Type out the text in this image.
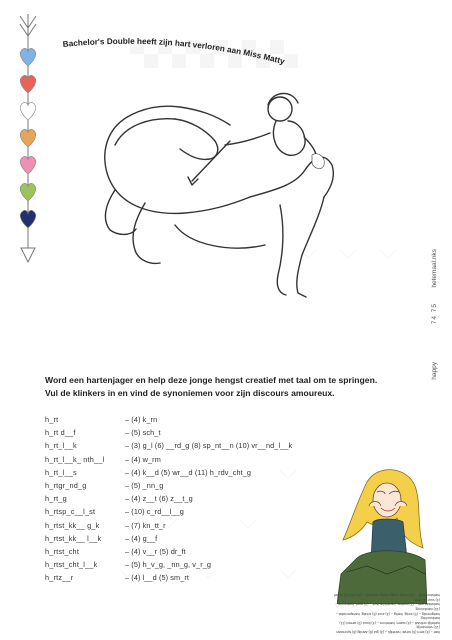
Bachelor's Double heeft zijn hart verloren aan Miss Matty
hetemaal.nks
74 75
happy

Word een hartenjager en help deze jonge hengst creatief met taal om te springen.

Vul de klinkers in en vind de synoniemen voor zijn discours amoureux.

h_rt	– (4) k_rn
h_rt d__f	– (5) sch_t
h_rt_l__k	– (3) g_l (6) __rd_g (8) sp_nt__n (10) vr__nd_l__k
h_rt_l__k_ nth__l	– (4) w_rm
h_rt_l__s	– (4) k__d (5) wr__d (11) h_rdv_cht_g
h_rtgr_nd_g	– (5) _nn_g
h_rt_g	– (4) z__t (6) z__t_g
h_rtsp_c__l_st	– (10) c_rd__l__g
h_rtst_kk__ g_k	– (7) kn_tt_r
h_rtst_kk__ l__k	– (4) g__f
h_rtst_cht	– (4) v__r (5) dr_ft
h_rtst_cht_l__k	– (5) h_v_g, _nn_g, v_r_g
h_rtz__r	– (4) l__d (5) sm_rt

hart – (4) kern (5) schat; hartelijk – (3) gul (6) aardig (8) spontaan (10) vriendelijk;

hartelijk onthaal – (4) warm; harteloos – (4) koud (5) wreed (11) hardvochtig;

hartgrondig – (5) innig; hartig – (4) zout (6) zoutig; hartspecialist – (10) cardioloog;

hartstikke gek – (7) knetter; hartstikke leuk – (4) gaaf; hartstocht – (4) vuur (5) drift;

hartstochtelijk – (5) hevig, innig, vurig; hartzeer – (4) leed (5) smart
